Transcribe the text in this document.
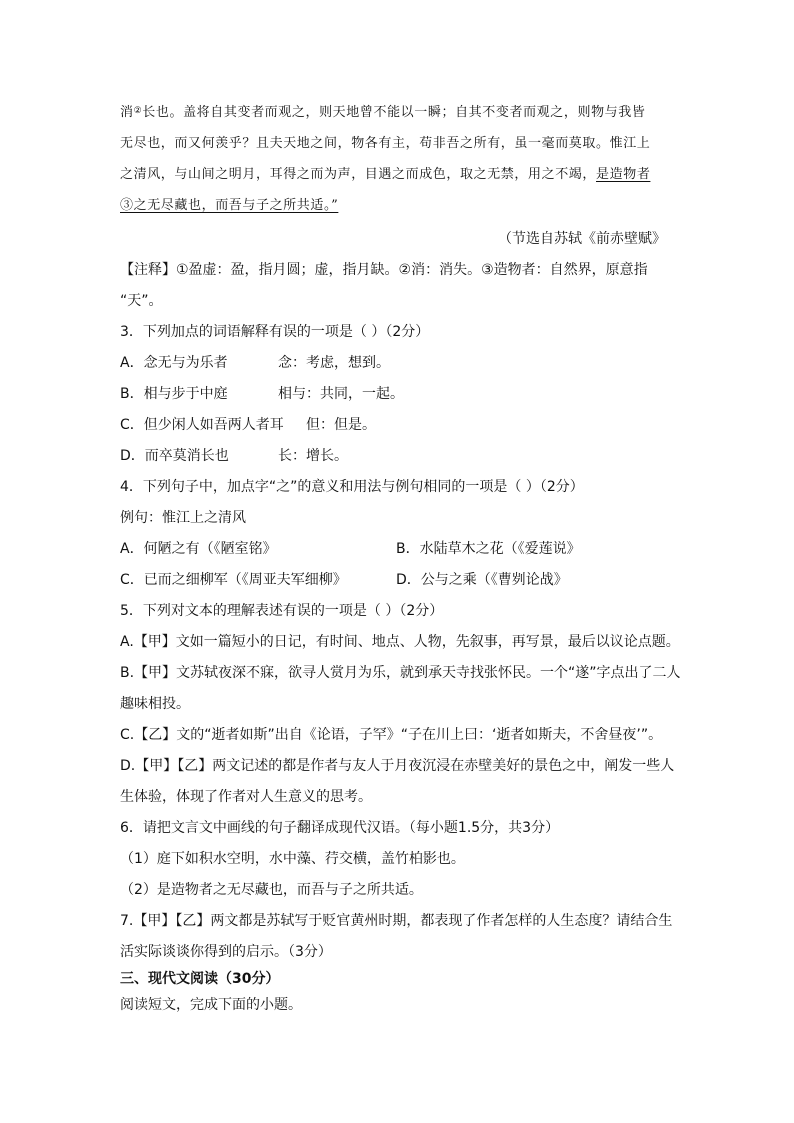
消②长也。盖将自其变者而观之，则天地曾不能以一瞬；自其不变者而观之，则物与我皆
无尽也，而又何羡乎？且夫天地之间，物各有主，苟非吾之所有，虽一毫而莫取。惟江上
之清风，与山间之明月，耳得之而为声，目遇之而成色，取之无禁，用之不竭，是造物者
③之无尽藏也，而吾与子之所共适。”
（节选自苏轼《前赤壁赋》
【注释】①盈虚：盈，指月圆；虚，指月缺。②消：消失。③造物者：自然界，原意指
“天”。
3．下列加点的词语解释有误的一项是（ ）（2分）
A．念无与为乐者	念：考虑，想到。
B．相与步于中庭	相与：共同，一起。
C．但少闲人如吾两人者耳 但：但是。
D．而卒莫消长也	长：增长。
4．下列句子中，加点字“之”的意义和用法与例句相同的一项是（ ）（2分）
例句：惟江上之清风
A．何陋之有（《陋室铭》	B．水陆草木之花（《爱莲说》
C．已而之细柳军（《周亚夫军细柳》	D．公与之乘（《曹刿论战》
5．下列对文本的理解表述有误的一项是（ ）（2分）
A.【甲】文如一篇短小的日记，有时间、地点、人物，先叙事，再写景，最后以议论点题。
B.【甲】文苏轼夜深不寐，欲寻人赏月为乐，就到承天寺找张怀民。一个“遂”字点出了二人
趣味相投。
C.【乙】文的“逝者如斯”出自《论语，子罕》“子在川上曰：‘逝者如斯夫，不舍昼夜’”。
D.【甲】【乙】两文记述的都是作者与友人于月夜沉浸在赤壁美好的景色之中，阐发一些人
生体验，体现了作者对人生意义的思考。
6．请把文言文中画线的句子翻译成现代汉语。（每小题1.5分，共3分）
（1）庭下如积水空明，水中藻、荇交横，盖竹柏影也。
（2）是造物者之无尽藏也，而吾与子之所共适。
7.【甲】【乙】两文都是苏轼写于贬官黄州时期，都表现了作者怎样的人生态度？请结合生
活实际谈谈你得到的启示。（3分）
三、现代文阅读（30分）
阅读短文，完成下面的小题。
